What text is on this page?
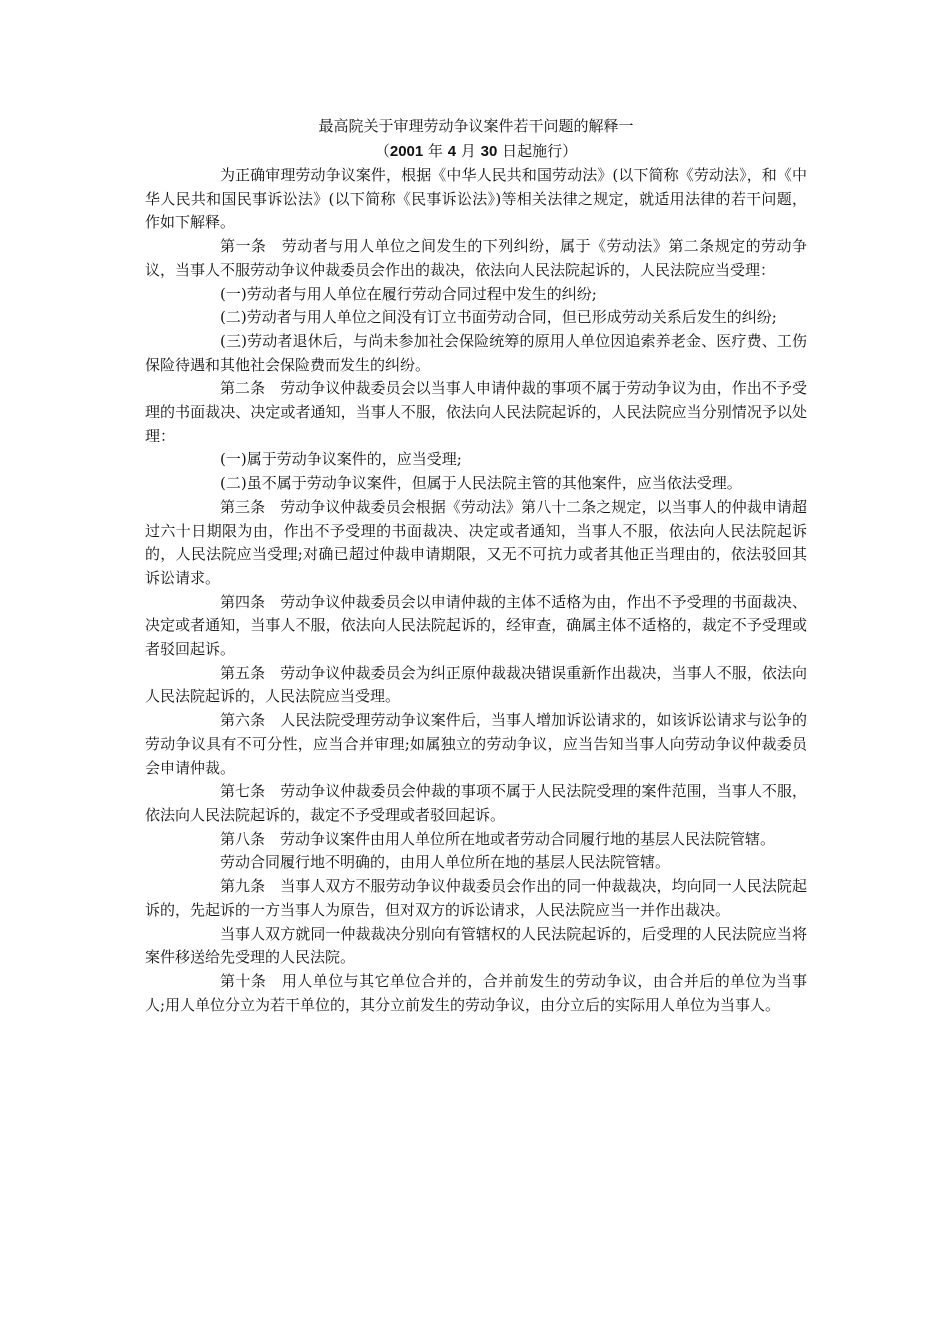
最高院关于审理劳动争议案件若干问题的解释一
（2001 年 4 月 30 日起施行）

为正确审理劳动争议案件，根据《中华人民共和国劳动法》(以下简称《劳动法》，和《中华人民共和国民事诉讼法》(以下简称《民事诉讼法》)等相关法律之规定，就适用法律的若干问题，作如下解释。

第一条　劳动者与用人单位之间发生的下列纠纷，属于《劳动法》第二条规定的劳动争议，当事人不服劳动争议仲裁委员会作出的裁决，依法向人民法院起诉的，人民法院应当受理：

(一)劳动者与用人单位在履行劳动合同过程中发生的纠纷;

(二)劳动者与用人单位之间没有订立书面劳动合同，但已形成劳动关系后发生的纠纷;

(三)劳动者退休后，与尚未参加社会保险统筹的原用人单位因追索养老金、医疗费、工伤保险待遇和其他社会保险费而发生的纠纷。

第二条　劳动争议仲裁委员会以当事人申请仲裁的事项不属于劳动争议为由，作出不予受理的书面裁决、决定或者通知，当事人不服，依法向人民法院起诉的，人民法院应当分别情况予以处理：

(一)属于劳动争议案件的，应当受理;

(二)虽不属于劳动争议案件，但属于人民法院主管的其他案件，应当依法受理。

第三条　劳动争议仲裁委员会根据《劳动法》第八十二条之规定，以当事人的仲裁申请超过六十日期限为由，作出不予受理的书面裁决、决定或者通知，当事人不服，依法向人民法院起诉的，人民法院应当受理;对确已超过仲裁申请期限，又无不可抗力或者其他正当理由的，依法驳回其诉讼请求。

第四条　劳动争议仲裁委员会以申请仲裁的主体不适格为由，作出不予受理的书面裁决、决定或者通知，当事人不服，依法向人民法院起诉的，经审查，确属主体不适格的，裁定不予受理或者驳回起诉。

第五条　劳动争议仲裁委员会为纠正原仲裁裁决错误重新作出裁决，当事人不服，依法向人民法院起诉的，人民法院应当受理。

第六条　人民法院受理劳动争议案件后，当事人增加诉讼请求的，如该诉讼请求与讼争的劳动争议具有不可分性，应当合并审理;如属独立的劳动争议，应当告知当事人向劳动争议仲裁委员会申请仲裁。

第七条　劳动争议仲裁委员会仲裁的事项不属于人民法院受理的案件范围，当事人不服，依法向人民法院起诉的，裁定不予受理或者驳回起诉。

第八条　劳动争议案件由用人单位所在地或者劳动合同履行地的基层人民法院管辖。

劳动合同履行地不明确的，由用人单位所在地的基层人民法院管辖。

第九条　当事人双方不服劳动争议仲裁委员会作出的同一仲裁裁决，均向同一人民法院起诉的，先起诉的一方当事人为原告，但对双方的诉讼请求，人民法院应当一并作出裁决。

当事人双方就同一仲裁裁决分别向有管辖权的人民法院起诉的，后受理的人民法院应当将案件移送给先受理的人民法院。

第十条　用人单位与其它单位合并的，合并前发生的劳动争议，由合并后的单位为当事人;用人单位分立为若干单位的，其分立前发生的劳动争议，由分立后的实际用人单位为当事人。
